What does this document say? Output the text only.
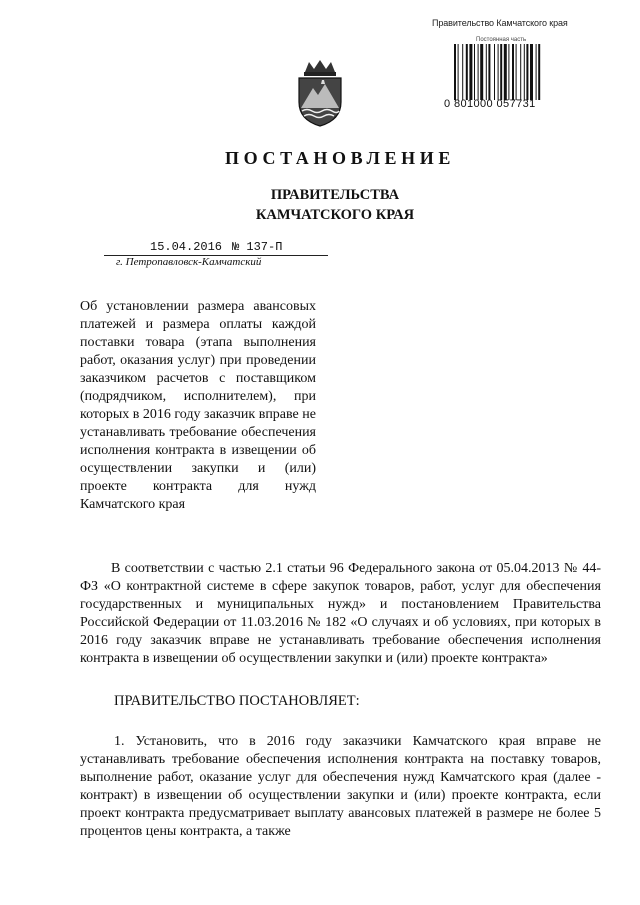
Правительство Камчатского края
Постоянная часть
0 801000 057731
ПОСТАНОВЛЕНИЕ
ПРАВИТЕЛЬСТВА
КАМЧАТСКОГО КРАЯ
15.04.2016 № 137-П
г. Петропавловск-Камчатский
Об установлении размера авансовых платежей и размера оплаты каждой поставки товара (этапа выполнения работ, оказания услуг) при проведении заказчиком расчетов с поставщиком (подрядчиком, исполнителем), при которых в 2016 году заказчик вправе не устанавливать требование обеспечения исполнения контракта в извещении об осуществлении закупки и (или) проекте контракта для нужд Камчатского края
В соответствии с частью 2.1 статьи 96 Федерального закона от 05.04.2013 № 44-ФЗ «О контрактной системе в сфере закупок товаров, работ, услуг для обеспечения государственных и муниципальных нужд» и постановлением Правительства Российской Федерации от 11.03.2016 № 182 «О случаях и об условиях, при которых в 2016 году заказчик вправе не устанавливать требование обеспечения исполнения контракта в извещении об осуществлении закупки и (или) проекте контракта»
ПРАВИТЕЛЬСТВО ПОСТАНОВЛЯЕТ:
1. Установить, что в 2016 году заказчики Камчатского края вправе не устанавливать требование обеспечения исполнения контракта на поставку товаров, выполнение работ, оказание услуг для обеспечения нужд Камчатского края (далее - контракт) в извещении об осуществлении закупки и (или) проекте контракта, если проект контракта предусматривает выплату авансовых платежей в размере не более 5 процентов цены контракта, а также
